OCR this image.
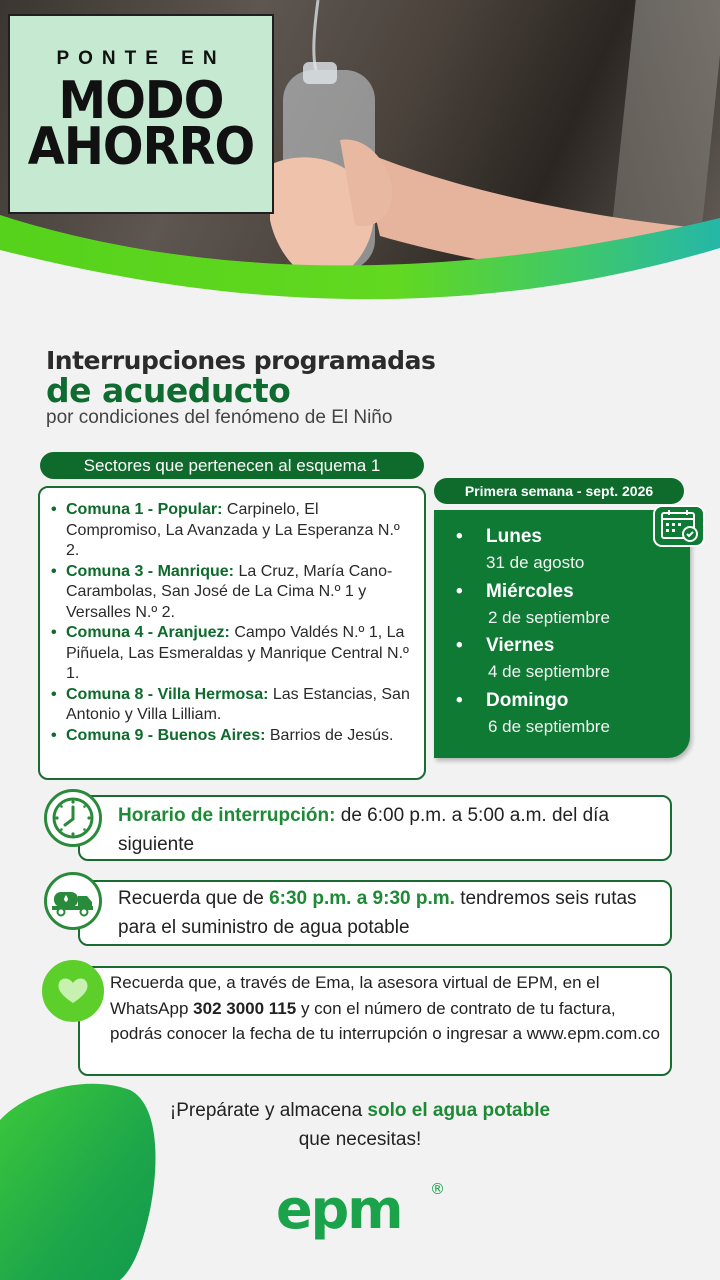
PONTE EN
MODO
AHORRO
Interrupciones programadas
de acueducto
por condiciones del fenómeno de El Niño
Sectores que pertenecen al esquema 1
• Comuna 1 - Popular: Carpinelo, El Compromiso, La Avanzada y La Esperanza N.º 2.
• Comuna 3 - Manrique: La Cruz, María Cano-Carambolas, San José de La Cima N.º 1 y Versalles N.º 2.
• Comuna 4 - Aranjuez: Campo Valdés N.º 1, La Piñuela, Las Esmeraldas y Manrique Central N.º 1.
• Comuna 8 - Villa Hermosa: Las Estancias, San Antonio y Villa Lilliam.
• Comuna 9 - Buenos Aires: Barrios de Jesús.
Primera semana - sept. 2026
• Lunes
31 de agosto
• Miércoles
2 de septiembre
• Viernes
4 de septiembre
• Domingo
6 de septiembre
Horario de interrupción: de 6:00 p.m. a 5:00 a.m. del día siguiente
Recuerda que de 6:30 p.m. a 9:30 p.m. tendremos seis rutas para el suministro de agua potable
Recuerda que, a través de Ema, la asesora virtual de EPM, en el WhatsApp 302 3000 115 y con el número de contrato de tu factura, podrás conocer la fecha de tu interrupción o ingresar a www.epm.com.co
¡Prepárate y almacena solo el agua potable que necesitas!
epm ®
